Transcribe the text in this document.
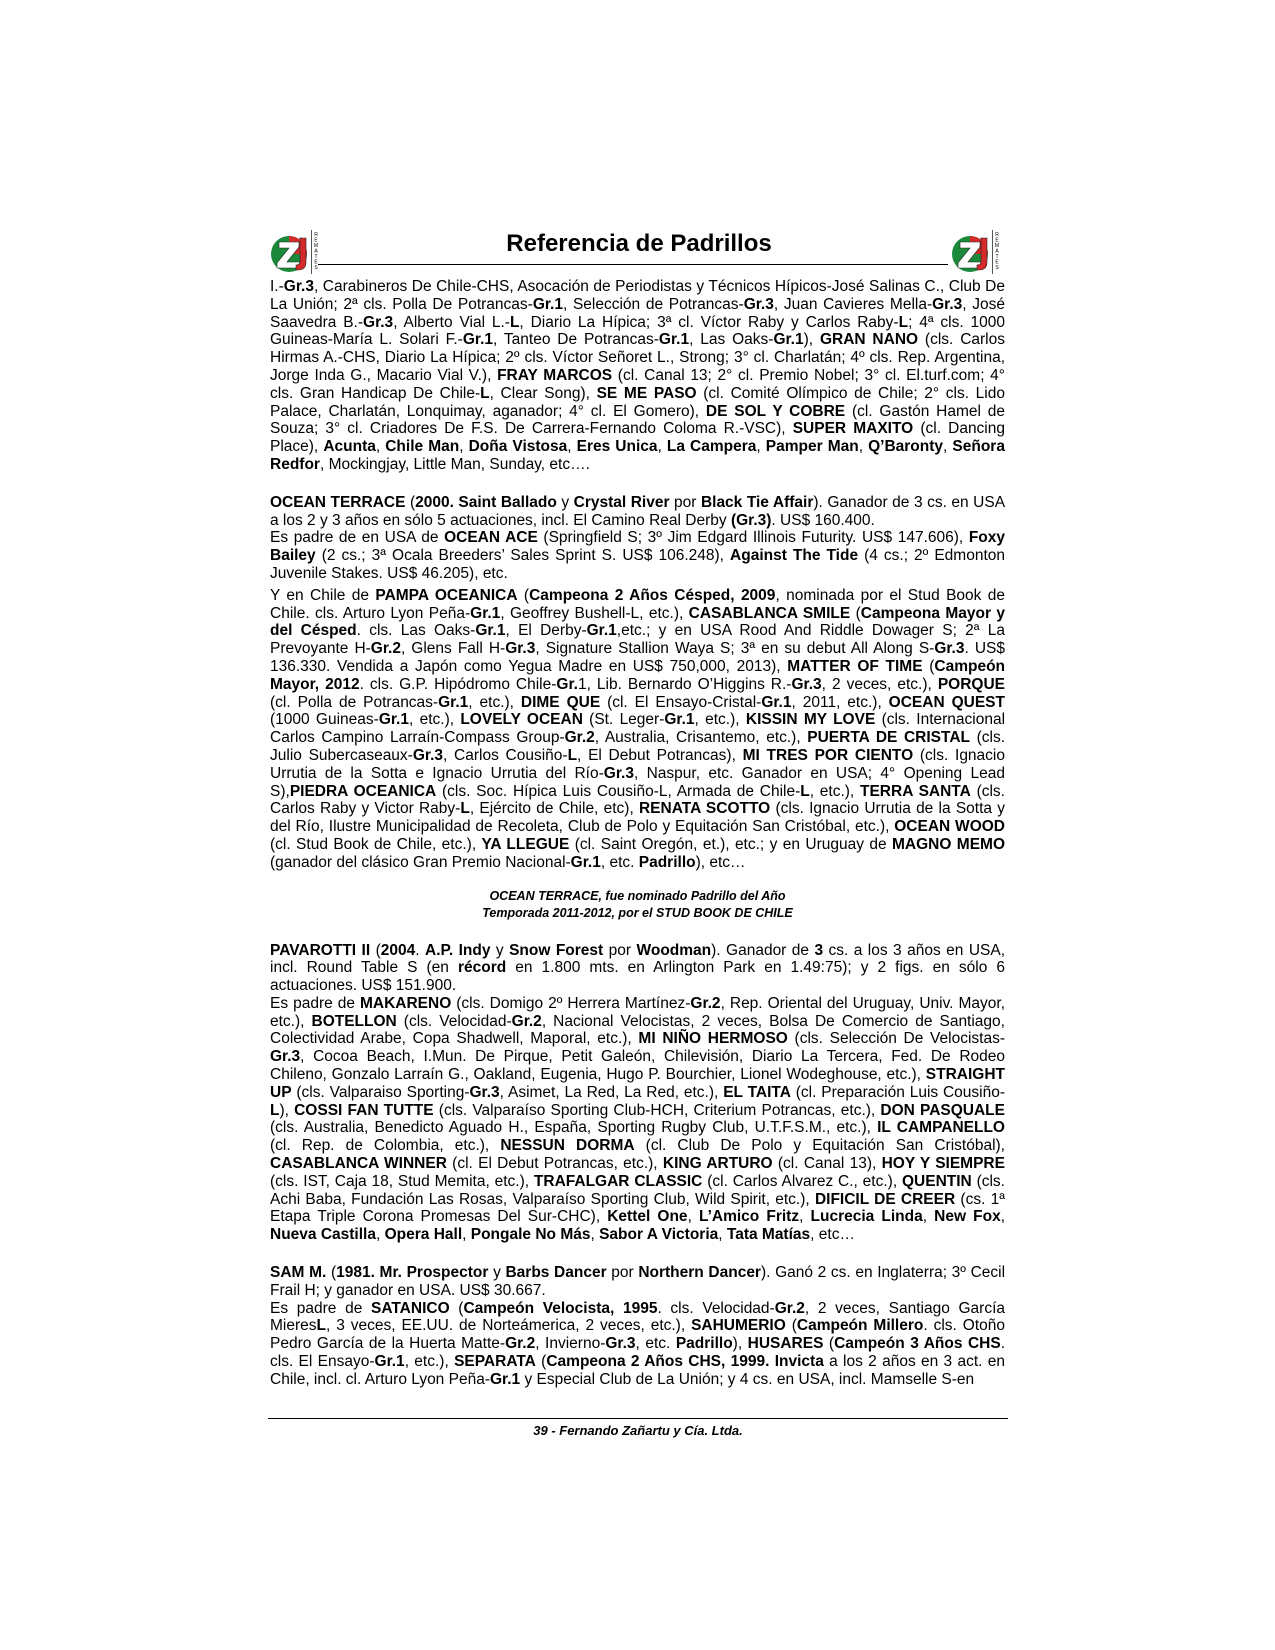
R E M A T E S
Referencia de Padrillos	R E M A T E S

I.-Gr.3, Carabineros De Chile-CHS, Asocación de Periodistas y Técnicos Hípicos-José Salinas C., Club De La Unión; 2ª cls. Polla De Potrancas-Gr.1, Selección de Potrancas-Gr.3, Juan Cavieres Mella-Gr.3, José Saavedra B.-Gr.3, Alberto Vial L.-L, Diario La Hípica; 3ª cl. Víctor Raby y Carlos Raby-L; 4ª cls. 1000 Guineas-María L. Solari F.-Gr.1, Tanteo De Potrancas-Gr.1, Las Oaks-Gr.1), GRAN NANO (cls. Carlos Hirmas A.-CHS, Diario La Hípica; 2º cls. Víctor Señoret L., Strong; 3° cl. Charlatán; 4º cls. Rep. Argentina, Jorge Inda G., Macario Vial V.), FRAY MARCOS (cl. Canal 13; 2° cl. Premio Nobel; 3° cl. El.turf.com; 4° cls. Gran Handicap De Chile-L, Clear Song), SE ME PASO (cl. Comité Olímpico de Chile; 2° cls. Lido Palace, Charlatán, Lonquimay, aganador; 4° cl. El Gomero), DE SOL Y COBRE (cl. Gastón Hamel de Souza; 3° cl. Criadores De F.S. De Carrera-Fernando Coloma R.-VSC), SUPER MAXITO (cl. Dancing Place), Acunta, Chile Man, Doña Vistosa, Eres Unica, La Campera, Pamper Man, Q’Baronty, Señora Redfor, Mockingjay, Little Man, Sunday, etc….

OCEAN TERRACE (2000. Saint Ballado y Crystal River por Black Tie Affair). Ganador de 3 cs. en USA a los 2 y 3 años en sólo 5 actuaciones, incl. El Camino Real Derby (Gr.3). US$ 160.400.

Es padre de en USA de OCEAN ACE (Springfield S; 3º Jim Edgard Illinois Futurity. US$ 147.606), Foxy Bailey (2 cs.; 3ª Ocala Breeders’ Sales Sprint S. US$ 106.248), Against The Tide (4 cs.; 2º Edmonton Juvenile Stakes. US$ 46.205), etc.

Y en Chile de PAMPA OCEANICA (Campeona 2 Años Césped, 2009, nominada por el Stud Book de Chile. cls. Arturo Lyon Peña-Gr.1, Geoffrey Bushell-L, etc.), CASABLANCA SMILE (Campeona Mayor y del Césped. cls. Las Oaks-Gr.1, El Derby-Gr.1,etc.; y en USA Rood And Riddle Dowager S; 2ª La Prevoyante H-Gr.2, Glens Fall H-Gr.3, Signature Stallion Waya S; 3ª en su debut All Along S-Gr.3. US$ 136.330. Vendida a Japón como Yegua Madre en US$ 750,000, 2013), MATTER OF TIME (Campeón Mayor, 2012. cls. G.P. Hipódromo Chile-Gr.1, Lib. Bernardo O’Higgins R.-Gr.3, 2 veces, etc.), PORQUE (cl. Polla de Potrancas-Gr.1, etc.), DIME QUE (cl. El Ensayo-Cristal-Gr.1, 2011, etc.), OCEAN QUEST (1000 Guineas-Gr.1, etc.), LOVELY OCEAN (St. Leger-Gr.1, etc.), KISSIN MY LOVE (cls. Internacional Carlos Campino Larraín-Compass Group-Gr.2, Australia, Crisantemo, etc.), PUERTA DE CRISTAL (cls. Julio Subercaseaux-Gr.3, Carlos Cousiño-L, El Debut Potrancas), MI TRES POR CIENTO (cls. Ignacio Urrutia de la Sotta e Ignacio Urrutia del Río-Gr.3, Naspur, etc. Ganador en USA; 4° Opening Lead S),PIEDRA OCEANICA (cls. Soc. Hípica Luis Cousiño-L, Armada de Chile-L, etc.), TERRA SANTA (cls. Carlos Raby y Victor Raby-L, Ejército de Chile, etc), RENATA SCOTTO (cls. Ignacio Urrutia de la Sotta y del Río, Ilustre Municipalidad de Recoleta, Club de Polo y Equitación San Cristóbal, etc.), OCEAN WOOD (cl. Stud Book de Chile, etc.), YA LLEGUE (cl. Saint Oregón, et.), etc.; y en Uruguay de MAGNO MEMO (ganador del clásico Gran Premio Nacional-Gr.1, etc. Padrillo), etc…

OCEAN TERRACE, fue nominado Padrillo del Año
Temporada 2011-2012, por el STUD BOOK DE CHILE

PAVAROTTI II (2004. A.P. Indy y Snow Forest por Woodman). Ganador de 3 cs. a los 3 años en USA, incl. Round Table S (en récord en 1.800 mts. en Arlington Park en 1.49:75); y 2 figs. en sólo 6 actuaciones. US$ 151.900.

Es padre de MAKARENO (cls. Domigo 2º Herrera Martínez-Gr.2, Rep. Oriental del Uruguay, Univ. Mayor, etc.), BOTELLON (cls. Velocidad-Gr.2, Nacional Velocistas, 2 veces, Bolsa De Comercio de Santiago, Colectividad Arabe, Copa Shadwell, Maporal, etc.), MI NIÑO HERMOSO (cls. Selección De Velocistas-Gr.3, Cocoa Beach, I.Mun. De Pirque, Petit Galeón, Chilevisión, Diario La Tercera, Fed. De Rodeo Chileno, Gonzalo Larraín G., Oakland, Eugenia, Hugo P. Bourchier, Lionel Wodeghouse, etc.), STRAIGHT UP (cls. Valparaiso Sporting-Gr.3, Asimet, La Red, La Red, etc.), EL TAITA (cl. Preparación Luis Cousiño-L), COSSI FAN TUTTE (cls. Valparaíso Sporting Club-HCH, Criterium Potrancas, etc.), DON PASQUALE (cls. Australia, Benedicto Aguado H., España, Sporting Rugby Club, U.T.F.S.M., etc.), IL CAMPANELLO (cl. Rep. de Colombia, etc.), NESSUN DORMA (cl. Club De Polo y Equitación San Cristóbal), CASABLANCA WINNER (cl. El Debut Potrancas, etc.), KING ARTURO (cl. Canal 13), HOY Y SIEMPRE (cls. IST, Caja 18, Stud Memita, etc.), TRAFALGAR CLASSIC (cl. Carlos Alvarez C., etc.), QUENTIN (cls. Achi Baba, Fundación Las Rosas, Valparaíso Sporting Club, Wild Spirit, etc.), DIFICIL DE CREER (cs. 1ª Etapa Triple Corona Promesas Del Sur-CHC), Kettel One, L’Amico Fritz, Lucrecia Linda, New Fox, Nueva Castilla, Opera Hall, Pongale No Más, Sabor A Victoria, Tata Matías, etc…

SAM M. (1981. Mr. Prospector y Barbs Dancer por Northern Dancer). Ganó 2 cs. en Inglaterra; 3º Cecil Frail H; y ganador en USA. US$ 30.667.

Es padre de SATANICO (Campeón Velocista, 1995. cls. Velocidad-Gr.2, 2 veces, Santiago García MieresL, 3 veces, EE.UU. de Norteámerica, 2 veces, etc.), SAHUMERIO (Campeón Millero. cls. Otoño Pedro García de la Huerta Matte-Gr.2, Invierno-Gr.3, etc. Padrillo), HUSARES (Campeón 3 Años CHS. cls. El Ensayo-Gr.1, etc.), SEPARATA (Campeona 2 Años CHS, 1999. Invicta a los 2 años en 3 act. en Chile, incl. cl. Arturo Lyon Peña-Gr.1 y Especial Club de La Unión; y 4 cs. en USA, incl. Mamselle S-en

39 - Fernando Zañartu y Cía. Ltda.
